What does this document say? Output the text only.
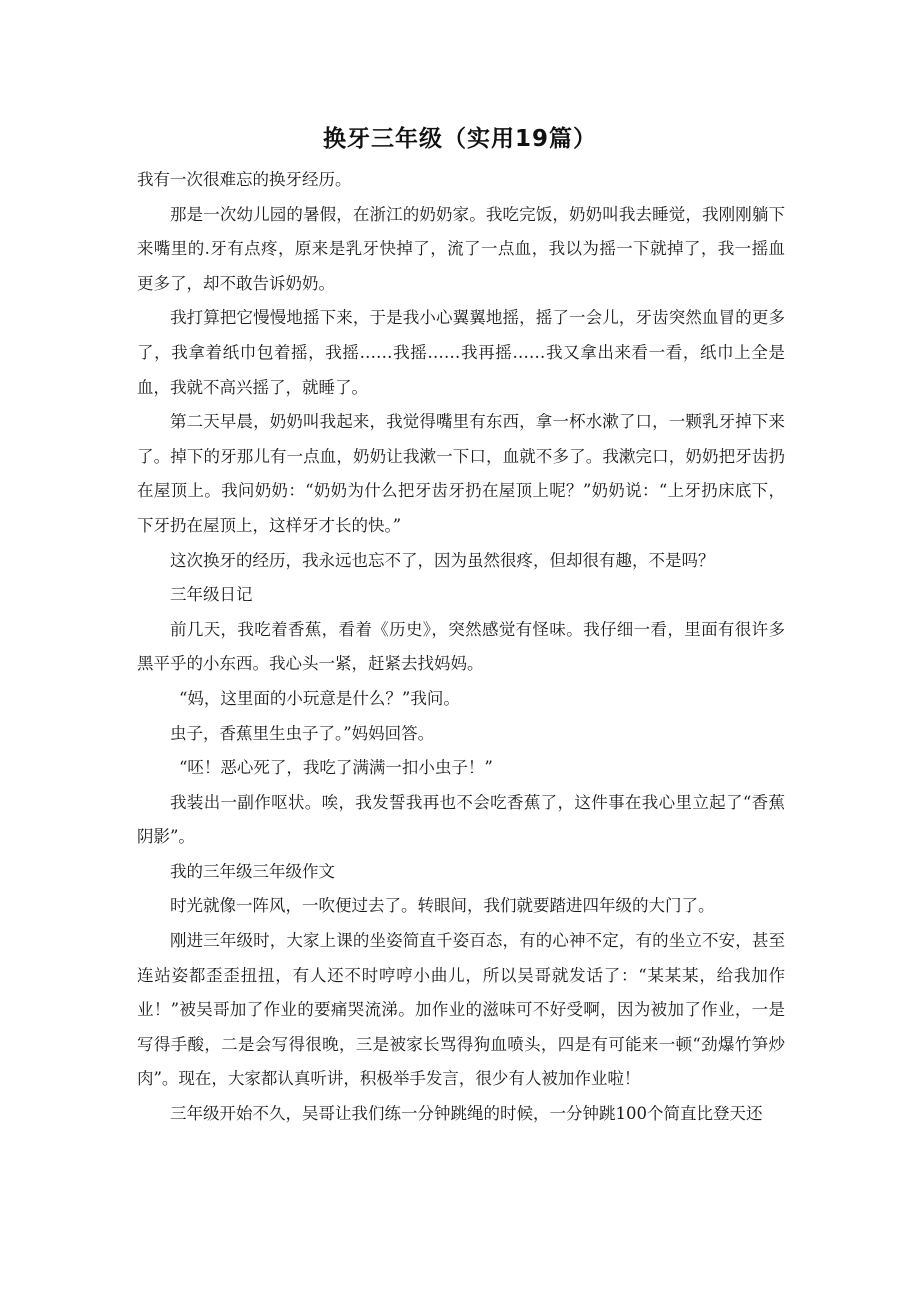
换牙三年级（实用19篇）

我有一次很难忘的换牙经历。

那是一次幼儿园的暑假，在浙江的奶奶家。我吃完饭，奶奶叫我去睡觉，我刚刚躺下来嘴里的.牙有点疼，原来是乳牙快掉了，流了一点血，我以为摇一下就掉了，我一摇血更多了，却不敢告诉奶奶。

我打算把它慢慢地摇下来，于是我小心翼翼地摇，摇了一会儿，牙齿突然血冒的更多了，我拿着纸巾包着摇，我摇……我摇……我再摇……我又拿出来看一看，纸巾上全是血，我就不高兴摇了，就睡了。

第二天早晨，奶奶叫我起来，我觉得嘴里有东西，拿一杯水漱了口，一颗乳牙掉下来了。掉下的牙那儿有一点血，奶奶让我漱一下口，血就不多了。我漱完口，奶奶把牙齿扔在屋顶上。我问奶奶：“奶奶为什么把牙齿牙扔在屋顶上呢？”奶奶说：“上牙扔床底下，下牙扔在屋顶上，这样牙才长的快。”

这次换牙的经历，我永远也忘不了，因为虽然很疼，但却很有趣，不是吗？

三年级日记

前几天，我吃着香蕉，看着《历史》，突然感觉有怪味。我仔细一看，里面有很许多黑平乎的小东西。我心头一紧，赶紧去找妈妈。

“妈，这里面的小玩意是什么？”我问。

虫子，香蕉里生虫子了。”妈妈回答。

“呸！恶心死了，我吃了满满一扣小虫子！”

我装出一副作呕状。唉，我发誓我再也不会吃香蕉了，这件事在我心里立起了“香蕉阴影”。

我的三年级三年级作文

时光就像一阵风，一吹便过去了。转眼间，我们就要踏进四年级的大门了。

刚进三年级时，大家上课的坐姿简直千姿百态，有的心神不定，有的坐立不安，甚至连站姿都歪歪扭扭，有人还不时哼哼小曲儿，所以吴哥就发话了：“某某某，给我加作业！”被吴哥加了作业的要痛哭流涕。加作业的滋味可不好受啊，因为被加了作业，一是写得手酸，二是会写得很晚，三是被家长骂得狗血喷头，四是有可能来一顿“劲爆竹笋炒肉”。现在，大家都认真听讲，积极举手发言，很少有人被加作业啦！

三年级开始不久，吴哥让我们练一分钟跳绳的时候，一分钟跳100个简直比登天还
